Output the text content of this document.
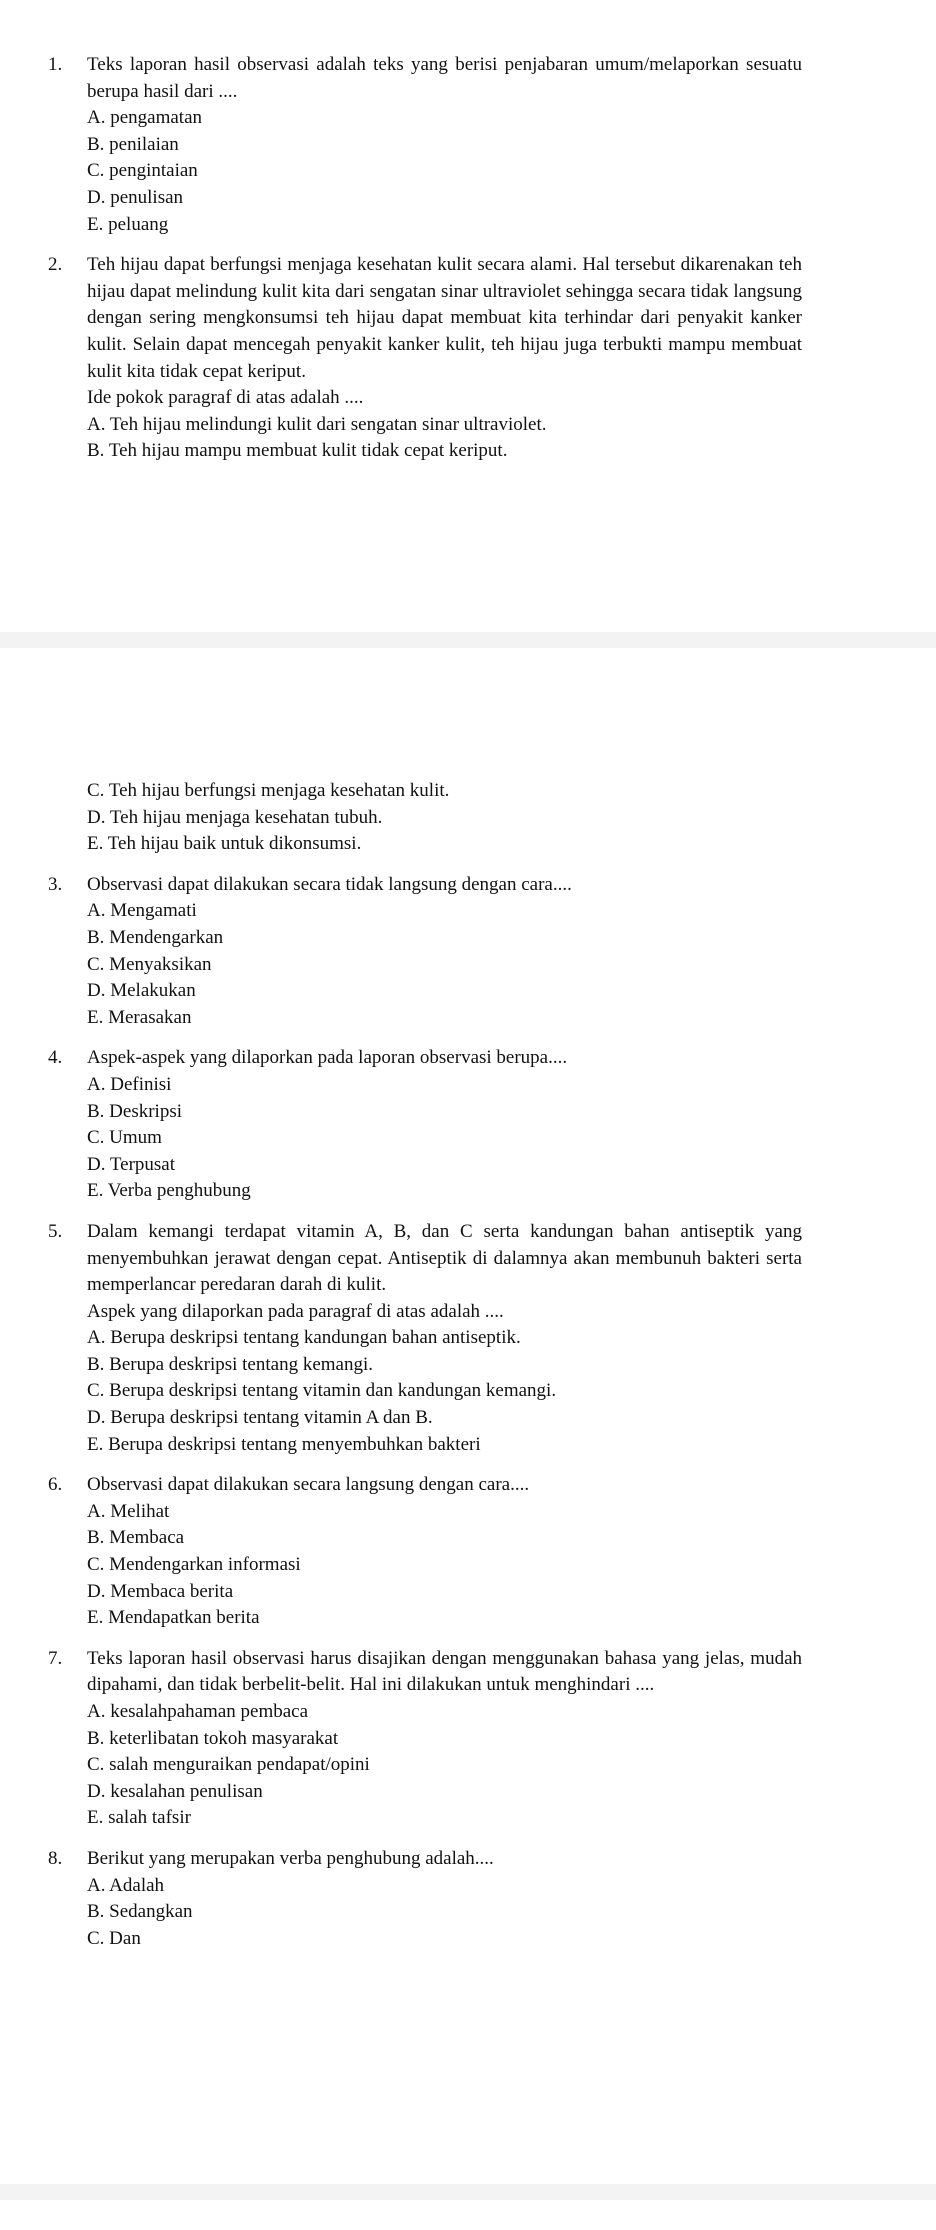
1.	Teks laporan hasil observasi adalah teks yang berisi penjabaran umum/melaporkan sesuatu berupa hasil dari ....
A. pengamatan
B. penilaian
C. pengintaian
D. penulisan
E. peluang
2.	Teh hijau dapat berfungsi menjaga kesehatan kulit secara alami. Hal tersebut dikarenakan teh hijau dapat melindung kulit kita dari sengatan sinar ultraviolet sehingga secara tidak langsung dengan sering mengkonsumsi teh hijau dapat membuat kita terhindar dari penyakit kanker kulit. Selain dapat mencegah penyakit kanker kulit, teh hijau juga terbukti mampu membuat kulit kita tidak cepat keriput.
Ide pokok paragraf di atas adalah ....
A. Teh hijau melindungi kulit dari sengatan sinar ultraviolet.
B. Teh hijau mampu membuat kulit tidak cepat keriput.
C. Teh hijau berfungsi menjaga kesehatan kulit.
D. Teh hijau menjaga kesehatan tubuh.
E. Teh hijau baik untuk dikonsumsi.
3.	Observasi dapat dilakukan secara tidak langsung dengan cara....
A. Mengamati
B. Mendengarkan
C. Menyaksikan
D. Melakukan
E. Merasakan
4.	Aspek-aspek yang dilaporkan pada laporan observasi berupa....
A. Definisi
B. Deskripsi
C. Umum
D. Terpusat
E. Verba penghubung
5.	Dalam kemangi terdapat vitamin A, B, dan C serta kandungan bahan antiseptik yang menyembuhkan jerawat dengan cepat. Antiseptik di dalamnya akan membunuh bakteri serta memperlancar peredaran darah di kulit.
Aspek yang dilaporkan pada paragraf di atas adalah ....
A. Berupa deskripsi tentang kandungan bahan antiseptik.
B. Berupa deskripsi tentang kemangi.
C. Berupa deskripsi tentang vitamin dan kandungan kemangi.
D. Berupa deskripsi tentang vitamin A dan B.
E. Berupa deskripsi tentang menyembuhkan bakteri
6.	Observasi dapat dilakukan secara langsung dengan cara....
A. Melihat
B. Membaca
C. Mendengarkan informasi
D. Membaca berita
E. Mendapatkan berita
7.	Teks laporan hasil observasi harus disajikan dengan menggunakan bahasa yang jelas, mudah dipahami, dan tidak berbelit-belit. Hal ini dilakukan untuk menghindari ....
A. kesalahpahaman pembaca
B. keterlibatan tokoh masyarakat
C. salah menguraikan pendapat/opini
D. kesalahan penulisan
E. salah tafsir
8.	Berikut yang merupakan verba penghubung adalah....
A. Adalah
B. Sedangkan
C. Dan
